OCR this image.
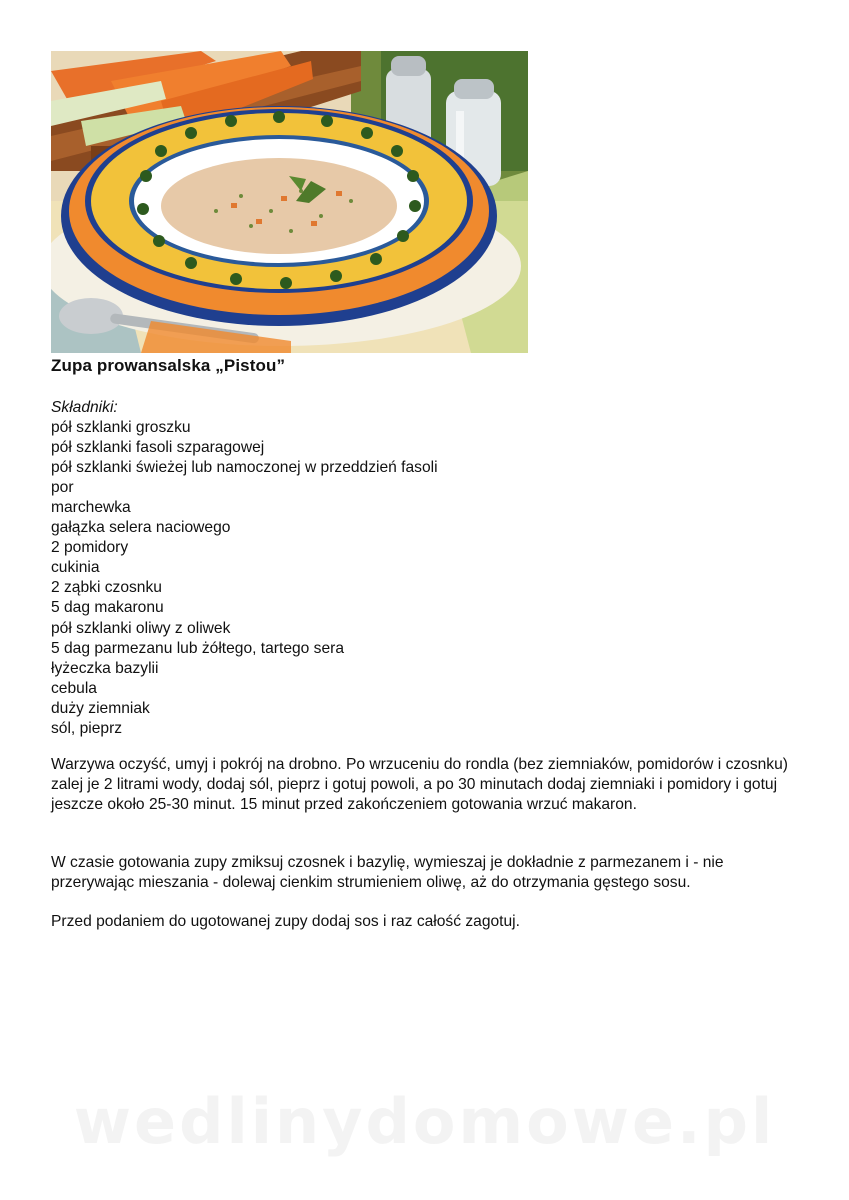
Zupa prowansalska „Pistou”
Składniki:
pół szklanki groszku
pół szklanki fasoli szparagowej
pół szklanki świeżej lub namoczonej w przeddzień fasoli
por
marchewka
gałązka selera naciowego
2 pomidory
cukinia
2 ząbki czosnku
5 dag makaronu
pół szklanki oliwy z oliwek
5 dag parmezanu lub żółtego, tartego sera
łyżeczka bazylii
cebula
duży ziemniak
sól, pieprz
Warzywa oczyść, umyj i pokrój na drobno. Po wrzuceniu do rondla (bez ziemniaków, pomidorów i czosnku) zalej je 2 litrami wody, dodaj sól, pieprz i gotuj powoli, a po 30 minutach dodaj ziemniaki i pomidory i gotuj jeszcze około 25-30 minut. 15 minut przed zakończeniem gotowania wrzuć makaron.
W czasie gotowania zupy zmiksuj czosnek i bazylię, wymieszaj je dokładnie z parmezanem i - nie przerywając mieszania - dolewaj cienkim strumieniem oliwę, aż do otrzymania gęstego sosu.
Przed podaniem do ugotowanej zupy dodaj sos i raz całość zagotuj.
wedlinydomowe.pl
